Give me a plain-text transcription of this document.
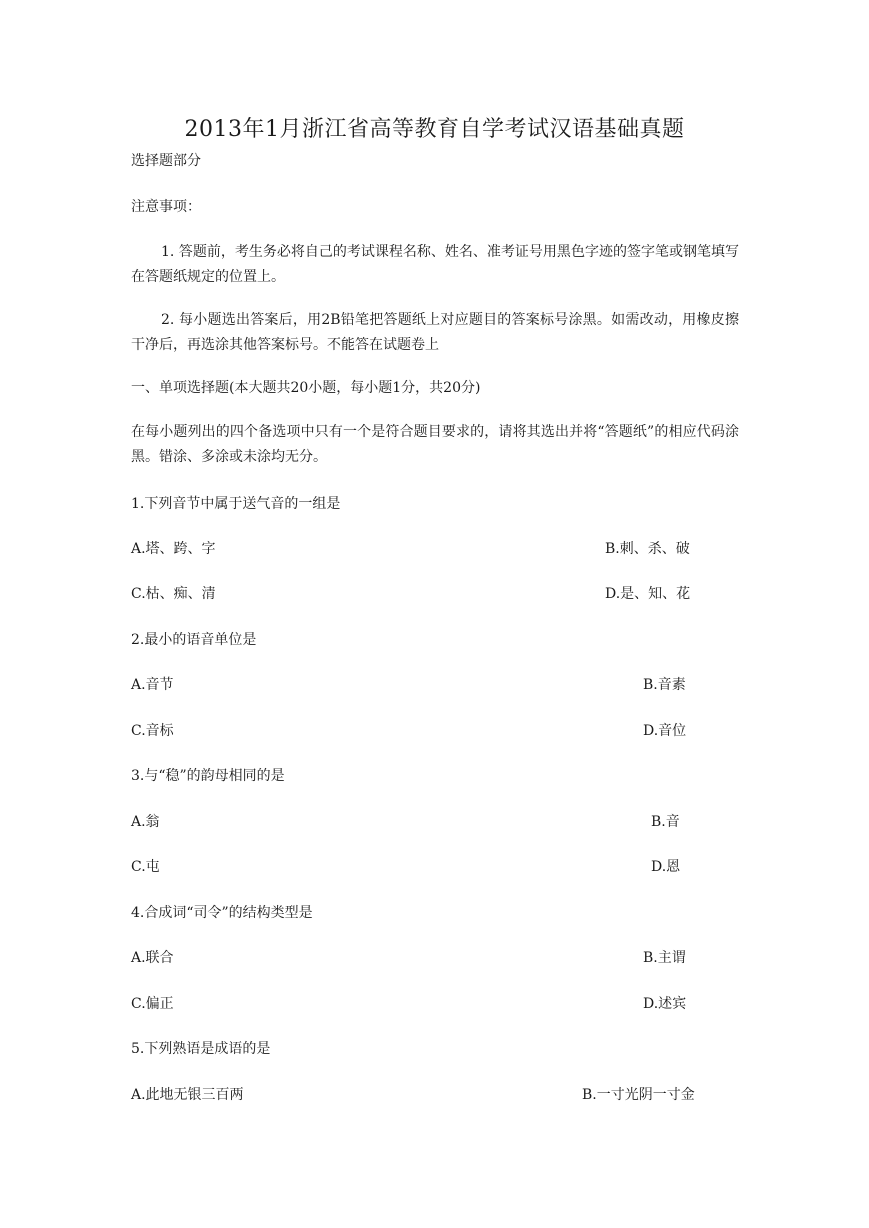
2013年1月浙江省高等教育自学考试汉语基础真题
选择题部分
注意事项：
1. 答题前，考生务必将自己的考试课程名称、姓名、准考证号用黑色字迹的签字笔或钢笔填写在答题纸规定的位置上。
2. 每小题选出答案后，用2B铅笔把答题纸上对应题目的答案标号涂黑。如需改动，用橡皮擦干净后，再选涂其他答案标号。不能答在试题卷上
一、单项选择题(本大题共20小题，每小题1分，共20分)
在每小题列出的四个备选项中只有一个是符合题目要求的，请将其选出并将“答题纸”的相应代码涂黑。错涂、多涂或未涂均无分。
1.下列音节中属于送气音的一组是
A.塔、跨、字	B.刺、杀、破
C.枯、痴、清	D.是、知、花
2.最小的语音单位是
A.音节	B.音素
C.音标	D.音位
3.与“稳”的韵母相同的是
A.翁	B.音
C.屯	D.恩
4.合成词“司令”的结构类型是
A.联合	B.主谓
C.偏正	D.述宾
5.下列熟语是成语的是
A.此地无银三百两	B.一寸光阴一寸金
